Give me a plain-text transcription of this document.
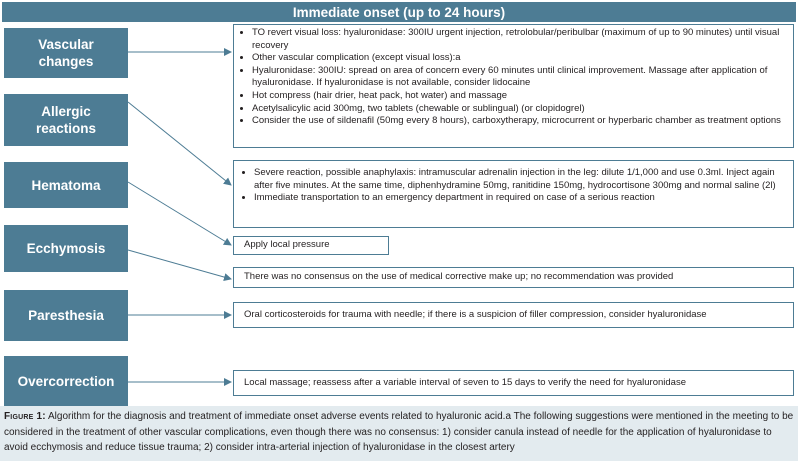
Immediate onset (up to 24 hours)
Vascular
changes
Allergic
reactions
Hematoma
Ecchymosis
Paresthesia
Overcorrection
• TO revert visual loss: hyaluronidase: 300IU urgent injection, retrolobular/peribulbar (maximum of up to 90 minutes) until visual recovery
• Other vascular complication (except visual loss):a
• Hyaluronidase: 300IU: spread on area of concern every 60 minutes until clinical improvement. Massage after application of hyaluronidase. If hyaluronidase is not available, consider lidocaine
• Hot compress (hair drier, heat pack, hot water) and massage
• Acetylsalicylic acid 300mg, two tablets (chewable or sublingual) (or clopidogrel)
• Consider the use of sildenafil (50mg every 8 hours), carboxytherapy, microcurrent or hyperbaric chamber as treatment options
• Severe reaction, possible anaphylaxis: intramuscular adrenalin injection in the leg: dilute 1/1,000 and use 0.3ml. Inject again after five minutes. At the same time, diphenhydramine 50mg, ranitidine 150mg, hydrocortisone 300mg and normal saline (2l)
• Immediate transportation to an emergency department in required on case of a serious reaction
Apply local pressure
There was no consensus on the use of medical corrective make up; no recommendation was provided
Oral corticosteroids for trauma with needle; if there is a suspicion of filler compression, consider hyaluronidase
Local massage; reassess after a variable interval of seven to 15 days to verify the need for hyaluronidase
Figure 1: Algorithm for the diagnosis and treatment of immediate onset adverse events related to hyaluronic acid.a The following suggestions were mentioned in the meeting to be considered in the treatment of other vascular complications, even though there was no consensus: 1) consider canula instead of needle for the application of hyaluronidase to avoid ecchymosis and reduce tissue trauma; 2) consider intra-arterial injection of hyaluronidase in the closest artery
